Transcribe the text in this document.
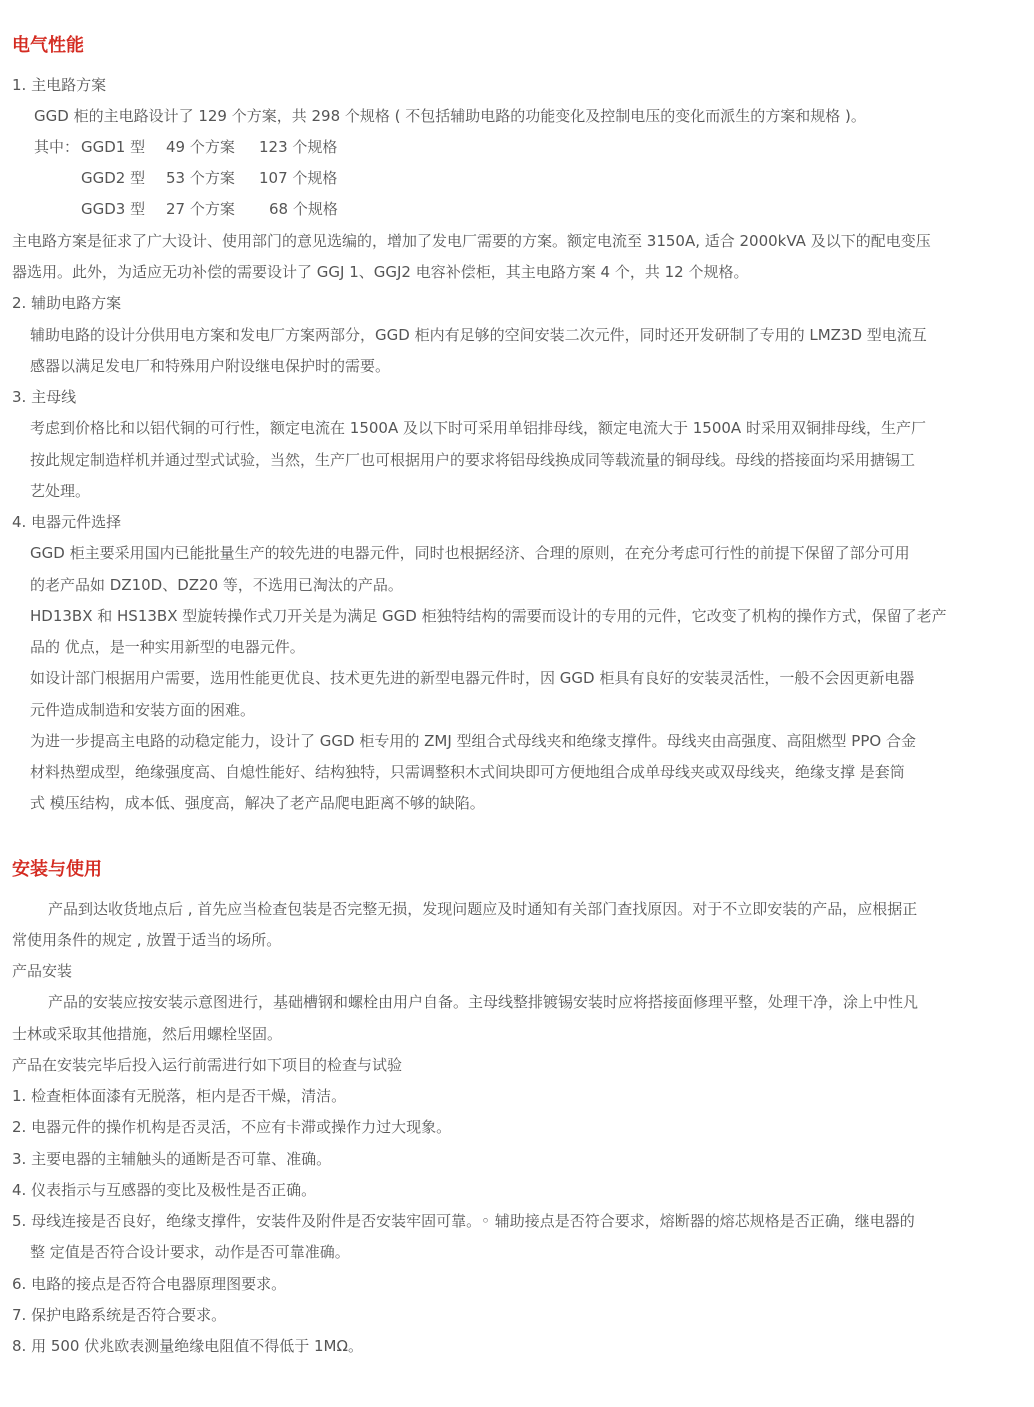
电气性能
1. 主电路方案
GGD 柜的主电路设计了 129 个方案，共 298 个规格 ( 不包括辅助电路的功能变化及控制电压的变化而派生的方案和规格 )。
其中： GGD1 型 49 个方案 123 个规格
GGD2 型 53 个方案 107 个规格
GGD3 型 27 个方案 68 个规格
主电路方案是征求了广大设计、使用部门的意见选编的，增加了发电厂需要的方案。额定电流至 3150A, 适合 2000kVA 及以下的配电变压
器选用。此外，为适应无功补偿的需要设计了 GGJ 1、GGJ2 电容补偿柜，其主电路方案 4 个，共 12 个规格。
2. 辅助电路方案
辅助电路的设计分供用电方案和发电厂方案两部分，GGD 柜内有足够的空间安装二次元件，同时还开发研制了专用的 LMZ3D 型电流互
感器以满足发电厂和特殊用户附设继电保护时的需要。
3. 主母线
考虑到价格比和以铝代铜的可行性，额定电流在 1500A 及以下时可采用单铝排母线，额定电流大于 1500A 时采用双铜排母线，生产厂
按此规定制造样机并通过型式试验，当然，生产厂也可根据用户的要求将铝母线换成同等载流量的铜母线。母线的搭接面均采用搪锡工
艺处理。
4. 电器元件选择
GGD 柜主要采用国内已能批量生产的较先进的电器元件，同时也根据经济、合理的原则，在充分考虑可行性的前提下保留了部分可用
的老产品如 DZ10D、DZ20 等，不选用已淘汰的产品。
HD13BX 和 HS13BX 型旋转操作式刀开关是为满足 GGD 柜独特结构的需要而设计的专用的元件，它改变了机构的操作方式，保留了老产
品的 优点，是一种实用新型的电器元件。
如设计部门根据用户需要，选用性能更优良、技术更先进的新型电器元件时，因 GGD 柜具有良好的安装灵活性，一般不会因更新电器
元件造成制造和安装方面的困难。
为进一步提高主电路的动稳定能力，设计了 GGD 柜专用的 ZMJ 型组合式母线夹和绝缘支撑件。母线夹由高强度、高阻燃型 PPO 合金
材料热塑成型，绝缘强度高、自熄性能好、结构独特，只需调整积木式间块即可方便地组合成单母线夹或双母线夹，绝缘支撑 是套筒
式 模压结构，成本低、强度高，解决了老产品爬电距离不够的缺陷。
安装与使用
产品到达收货地点后 , 首先应当检查包装是否完整无损，发现问题应及时通知有关部门查找原因。对于不立即安装的产品，应根据正
常使用条件的规定 , 放置于适当的场所。
产品安装
产品的安装应按安装示意图进行，基础槽钢和螺栓由用户自备。主母线整排镀锡安装时应将搭接面修理平整，处理干净，涂上中性凡
士林或采取其他措施，然后用螺栓坚固。
产品在安装完毕后投入运行前需进行如下项目的检查与试验
1. 检查柜体面漆有无脱落，柜内是否干燥，清洁。
2. 电器元件的操作机构是否灵活，不应有卡滞或操作力过大现象。
3. 主要电器的主辅触头的通断是否可靠、准确。
4. 仪表指示与互感器的变比及极性是否正确。
5. 母线连接是否良好，绝缘支撑件，安装件及附件是否安装牢固可靠。◦ 辅助接点是否符合要求，熔断器的熔芯规格是否正确，继电器的
整 定值是否符合设计要求，动作是否可靠准确。
6. 电路的接点是否符合电器原理图要求。
7. 保护电路系统是否符合要求。
8. 用 500 伏兆欧表测量绝缘电阻值不得低于 1MΩ。
